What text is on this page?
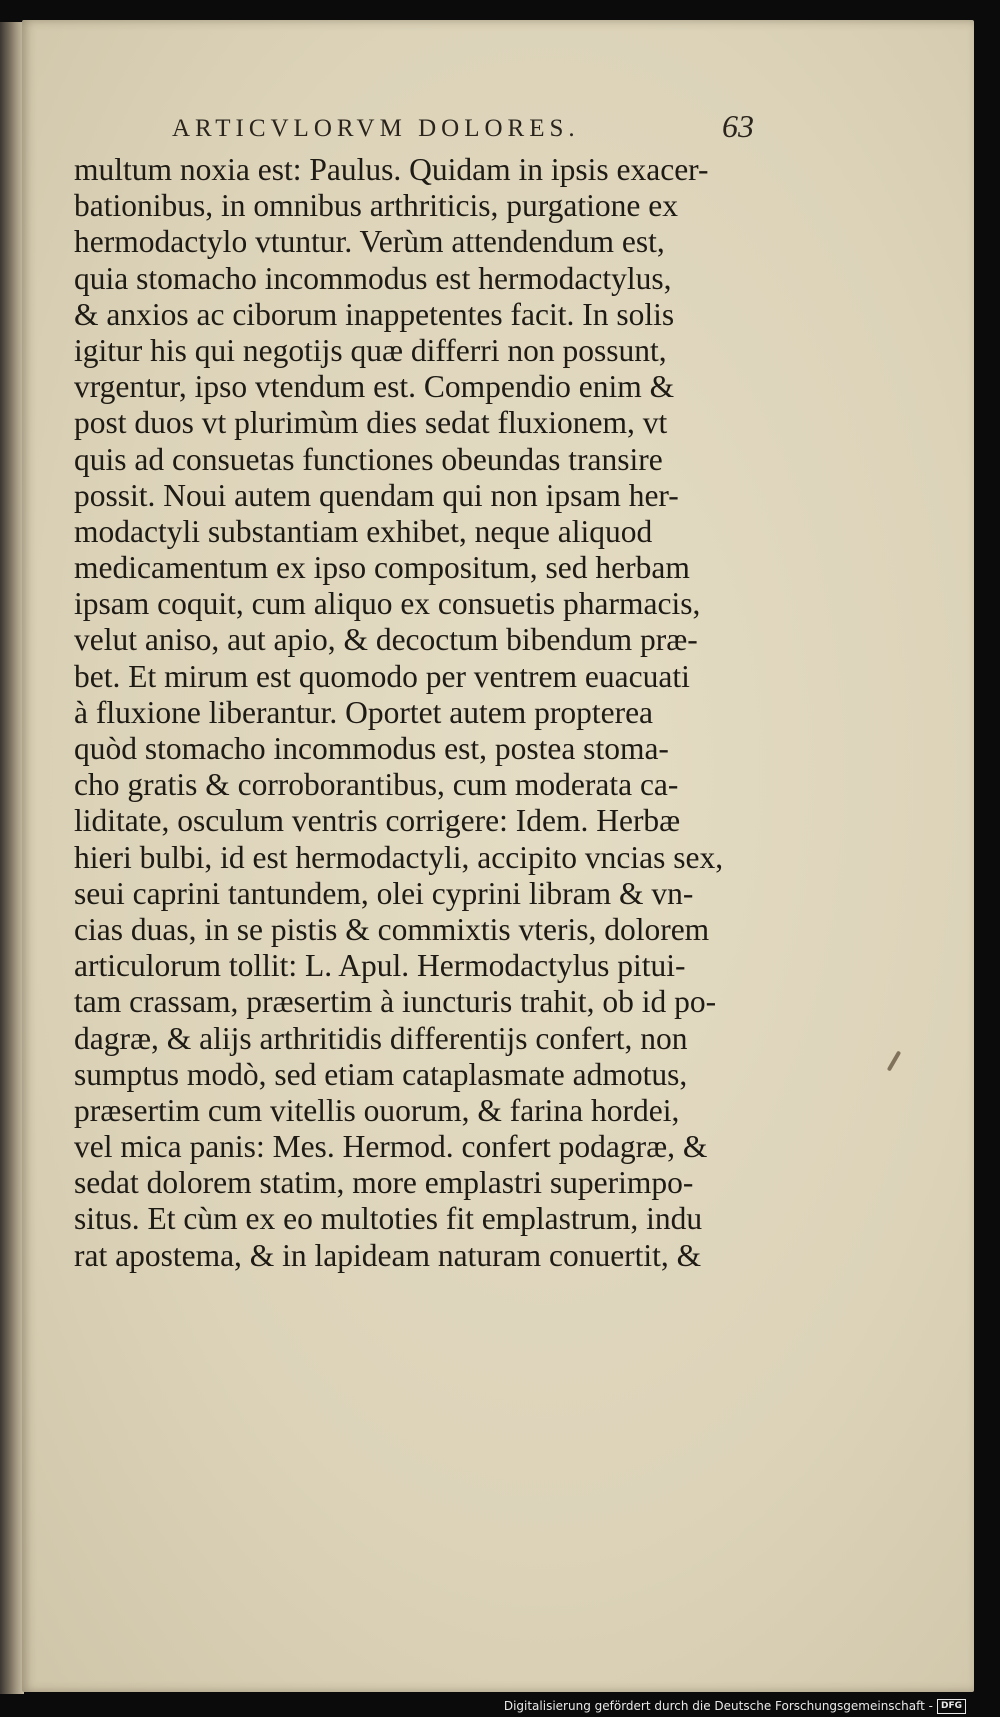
ARTICVLORVM DOLORES.	63
multum noxia est: Paulus. Quidam in ipsis exacer-
bationibus, in omnibus arthriticis, purgatione ex
hermodactylo vtuntur. Verùm attendendum est,
quia stomacho incommodus est hermodactylus,
& anxios ac ciborum inappetentes facit. In solis
igitur his qui negotijs quæ differri non possunt,
vrgentur, ipso vtendum est. Compendio enim &
post duos vt plurimùm dies sedat fluxionem, vt
quis ad consuetas functiones obeundas transire
possit. Noui autem quendam qui non ipsam her-
modactyli substantiam exhibet, neque aliquod
medicamentum ex ipso compositum, sed herbam
ipsam coquit, cum aliquo ex consuetis pharmacis,
velut aniso, aut apio, & decoctum bibendum præ-
bet. Et mirum est quomodo per ventrem euacuati
à fluxione liberantur. Oportet autem propterea
quòd stomacho incommodus est, postea stoma-
cho gratis & corroborantibus, cum moderata ca-
liditate, osculum ventris corrigere: Idem. Herbæ
hieri bulbi, id est hermodactyli, accipito vncias sex,
seui caprini tantundem, olei cyprini libram & vn-
cias duas, in se pistis & commixtis vteris, dolorem
articulorum tollit: L. Apul. Hermodactylus pitui-
tam crassam, præsertim à iuncturis trahit, ob id po-
dagræ, & alijs arthritidis differentijs confert, non
sumptus modò, sed etiam cataplasmate admotus,
præsertim cum vitellis ouorum, & farina hordei,
vel mica panis: Mes. Hermod. confert podagræ, &
sedat dolorem statim, more emplastri superimpo-
situs. Et cùm ex eo multoties fit emplastrum, indu
rat apostema, & in lapideam naturam conuertit, &
Digitalisierung gefördert durch die Deutsche Forschungsgemeinschaft - DFG
